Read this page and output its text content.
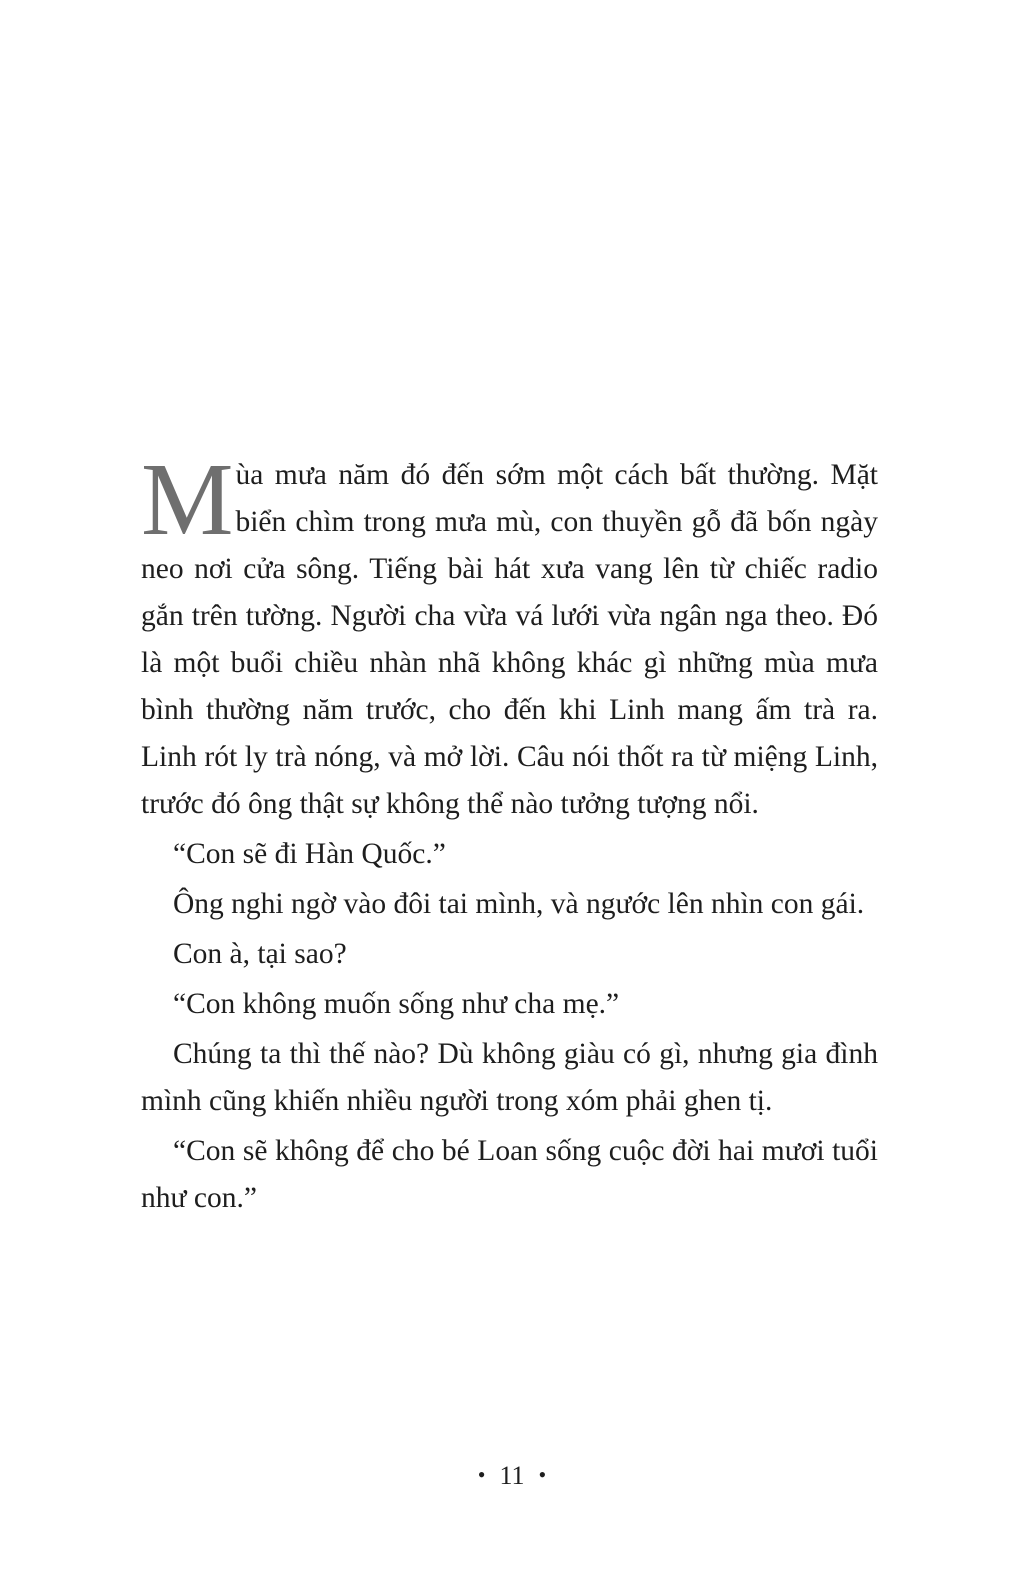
Mùa mưa năm đó đến sớm một cách bất thường. Mặt biển chìm trong mưa mù, con thuyền gỗ đã bốn ngày neo nơi cửa sông. Tiếng bài hát xưa vang lên từ chiếc radio gắn trên tường. Người cha vừa vá lưới vừa ngân nga theo. Đó là một buổi chiều nhàn nhã không khác gì những mùa mưa bình thường năm trước, cho đến khi Linh mang ấm trà ra. Linh rót ly trà nóng, và mở lời. Câu nói thốt ra từ miệng Linh, trước đó ông thật sự không thể nào tưởng tượng nổi.

“Con sẽ đi Hàn Quốc.”

Ông nghi ngờ vào đôi tai mình, và ngước lên nhìn con gái.

Con à, tại sao?

“Con không muốn sống như cha mẹ.”

Chúng ta thì thế nào? Dù không giàu có gì, nhưng gia đình mình cũng khiến nhiều người trong xóm phải ghen tị.

“Con sẽ không để cho bé Loan sống cuộc đời hai mươi tuổi như con.”

• 11 •
